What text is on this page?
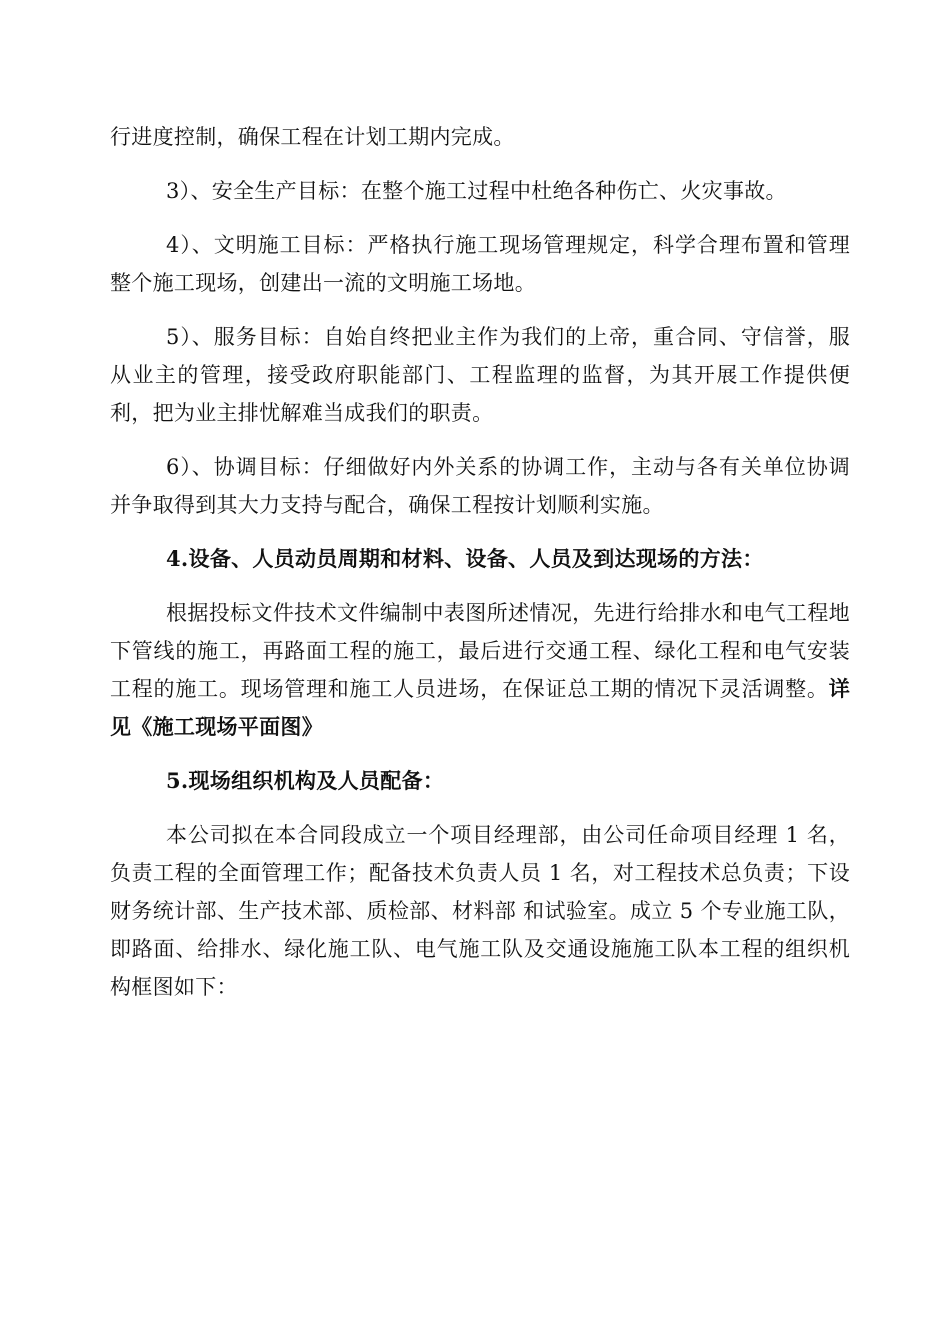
行进度控制，确保工程在计划工期内完成。

3）、安全生产目标：在整个施工过程中杜绝各种伤亡、火灾事故。

4）、文明施工目标：严格执行施工现场管理规定，科学合理布置和管理整个施工现场，创建出一流的文明施工场地。

5）、服务目标：自始自终把业主作为我们的上帝，重合同、守信誉，服从业主的管理，接受政府职能部门、工程监理的监督，为其开展工作提供便利，把为业主排忧解难当成我们的职责。

6）、协调目标：仔细做好内外关系的协调工作，主动与各有关单位协调并争取得到其大力支持与配合，确保工程按计划顺利实施。

4.设备、人员动员周期和材料、设备、人员及到达现场的方法：

根据投标文件技术文件编制中表图所述情况，先进行给排水和电气工程地下管线的施工，再路面工程的施工，最后进行交通工程、绿化工程和电气安装工程的施工。现场管理和施工人员进场，在保证总工期的情况下灵活调整。详见《施工现场平面图》

5.现场组织机构及人员配备：

本公司拟在本合同段成立一个项目经理部，由公司任命项目经理 1 名，负责工程的全面管理工作；配备技术负责人员 1 名，对工程技术总负责；下设财务统计部、生产技术部、质检部、材料部 和试验室。成立 5 个专业施工队，即路面、给排水、绿化施工队、电气施工队及交通设施施工队本工程的组织机构框图如下：
